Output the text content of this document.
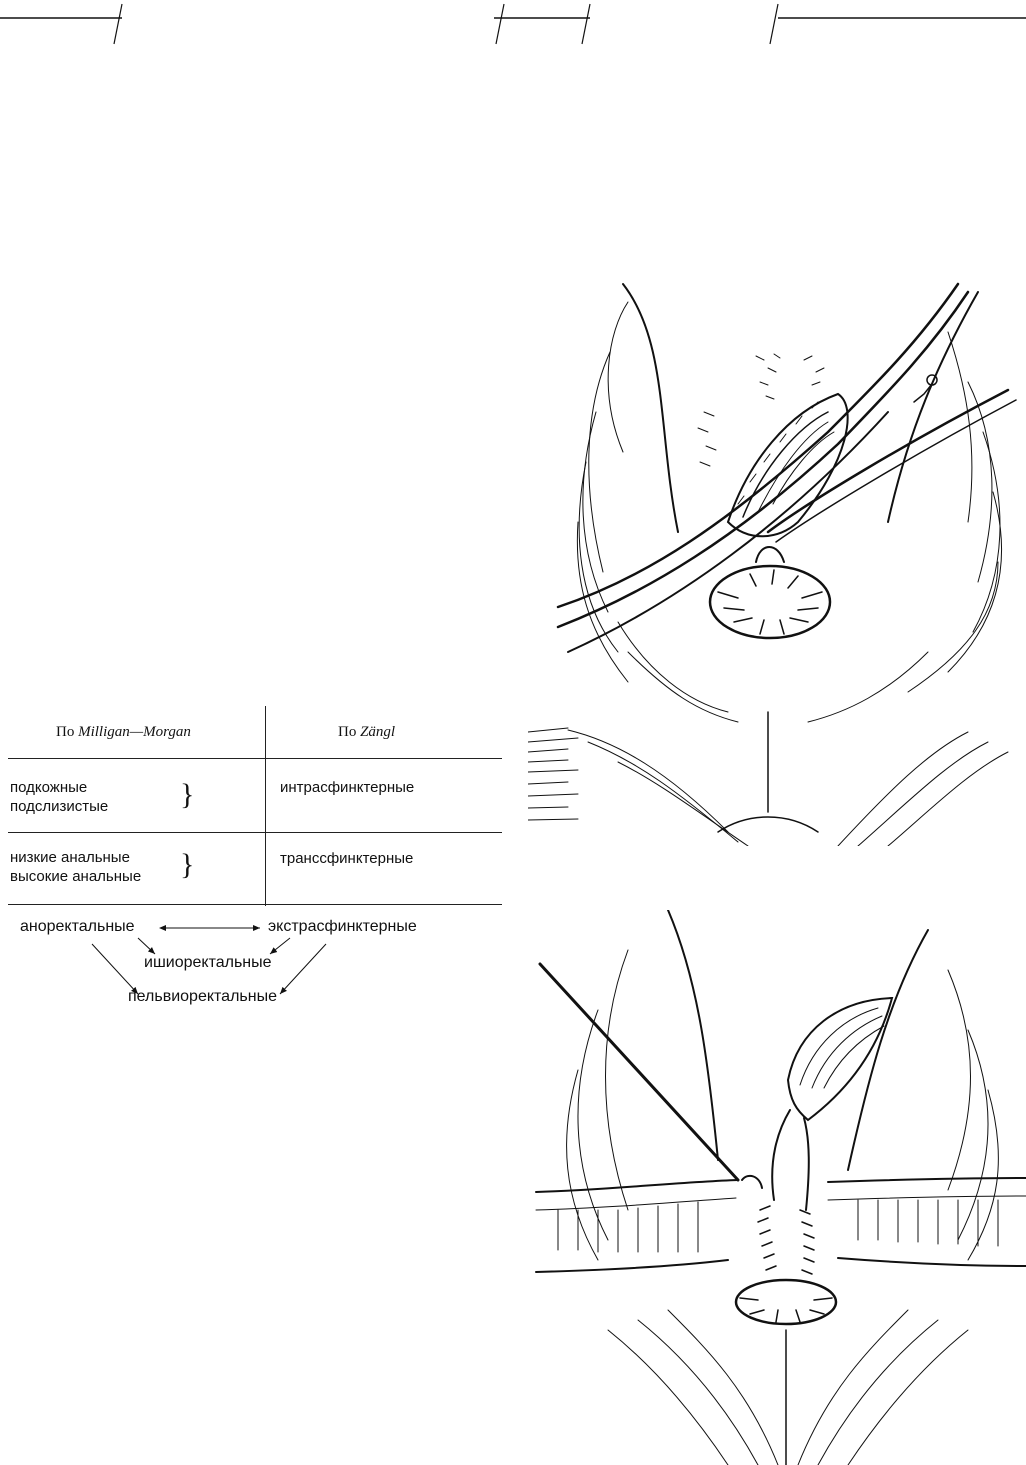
По Milligan—Morgan	По Zängl
подкожные
подслизистые }	интрасфинктерные
низкие анальные
высокие анальные }	транссфинктерные
аноректальные	экстрасфинктерные
ишиоректальные
пельвиоректальные
